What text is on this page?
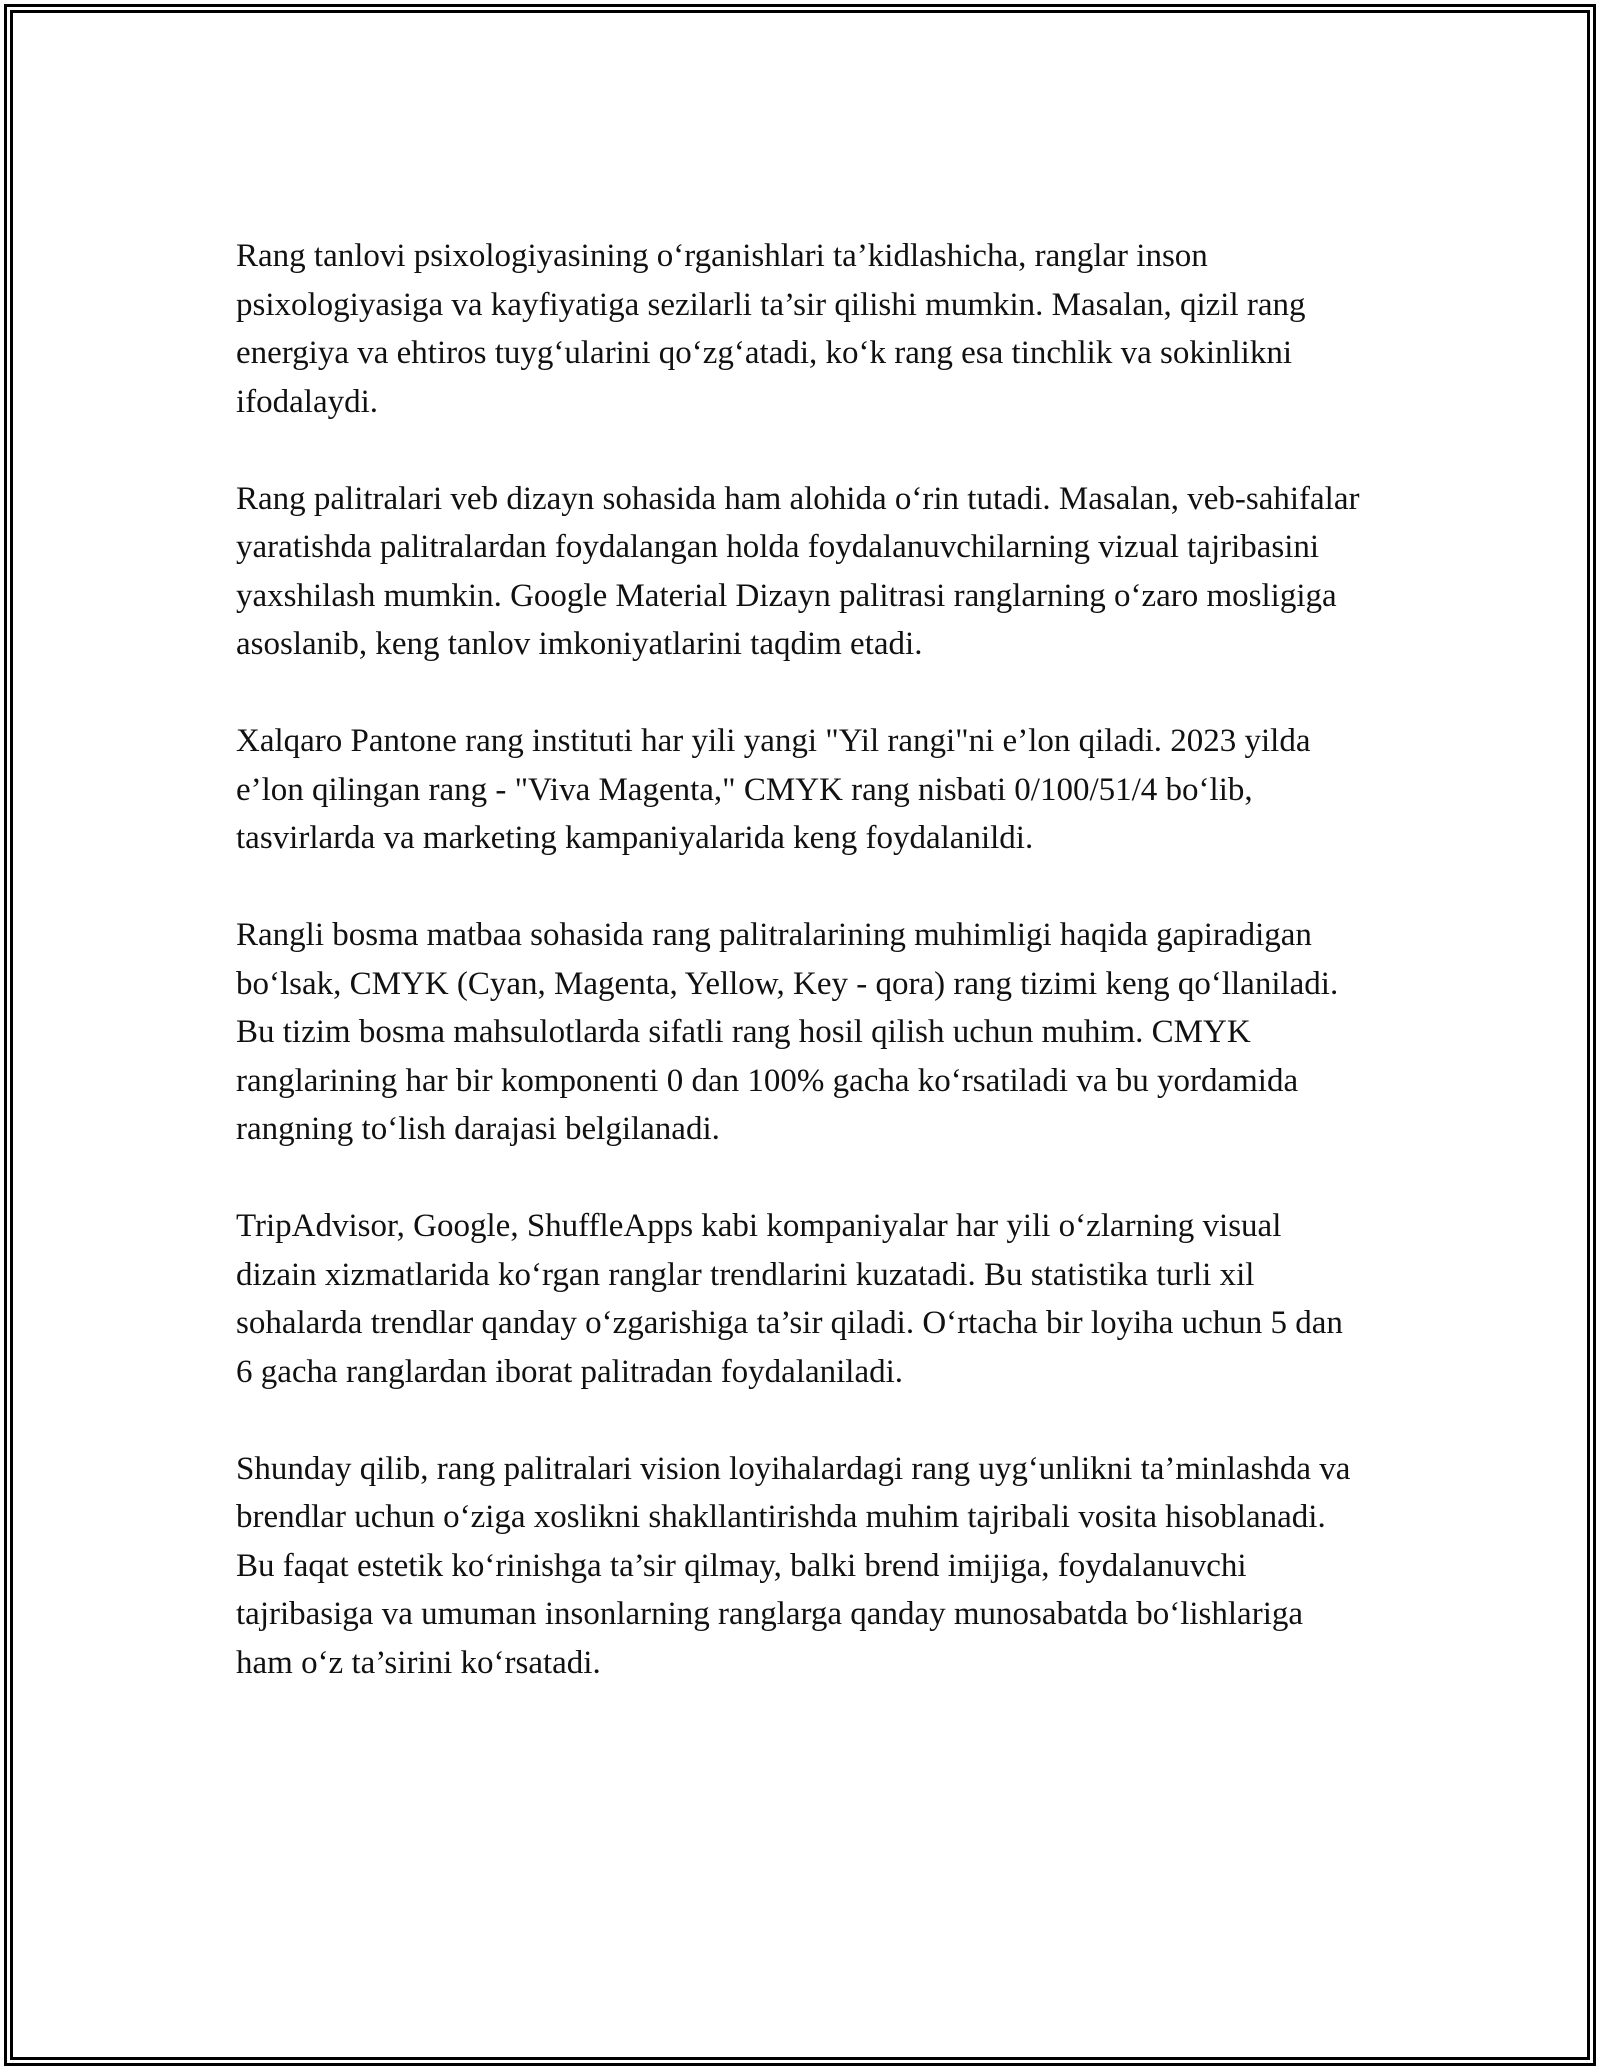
Rang tanlovi psixologiyasining o‘rganishlari ta’kidlashicha, ranglar inson psixologiyasiga va kayfiyatiga sezilarli ta’sir qilishi mumkin. Masalan, qizil rang energiya va ehtiros tuyg‘ularini qo‘zg‘atadi, ko‘k rang esa tinchlik va sokinlikni ifodalaydi.

Rang palitralari veb dizayn sohasida ham alohida o‘rin tutadi. Masalan, veb-sahifalar yaratishda palitralardan foydalangan holda foydalanuvchilarning vizual tajribasini yaxshilash mumkin. Google Material Dizayn palitrasi ranglarning o‘zaro mosligiga asoslanib, keng tanlov imkoniyatlarini taqdim etadi.

Xalqaro Pantone rang instituti har yili yangi "Yil rangi"ni e’lon qiladi. 2023 yilda e’lon qilingan rang - "Viva Magenta," CMYK rang nisbati 0/100/51/4 bo‘lib, tasvirlarda va marketing kampaniyalarida keng foydalanildi.

Rangli bosma matbaa sohasida rang palitralarining muhimligi haqida gapiradigan bo‘lsak, CMYK (Cyan, Magenta, Yellow, Key - qora) rang tizimi keng qo‘llaniladi. Bu tizim bosma mahsulotlarda sifatli rang hosil qilish uchun muhim. CMYK ranglarining har bir komponenti 0 dan 100% gacha ko‘rsatiladi va bu yordamida rangning to‘lish darajasi belgilanadi.

TripAdvisor, Google, ShuffleApps kabi kompaniyalar har yili o‘zlarning visual dizain xizmatlarida ko‘rgan ranglar trendlarini kuzatadi. Bu statistika turli xil sohalarda trendlar qanday o‘zgarishiga ta’sir qiladi. O‘rtacha bir loyiha uchun 5 dan 6 gacha ranglardan iborat palitradan foydalaniladi.

Shunday qilib, rang palitralari vision loyihalardagi rang uyg‘unlikni ta’minlashda va brendlar uchun o‘ziga xoslikni shakllantirishda muhim tajribali vosita hisoblanadi. Bu faqat estetik ko‘rinishga ta’sir qilmay, balki brend imijiga, foydalanuvchi tajribasiga va umuman insonlarning ranglarga qanday munosabatda bo‘lishlariga ham o‘z ta’sirini ko‘rsatadi.
